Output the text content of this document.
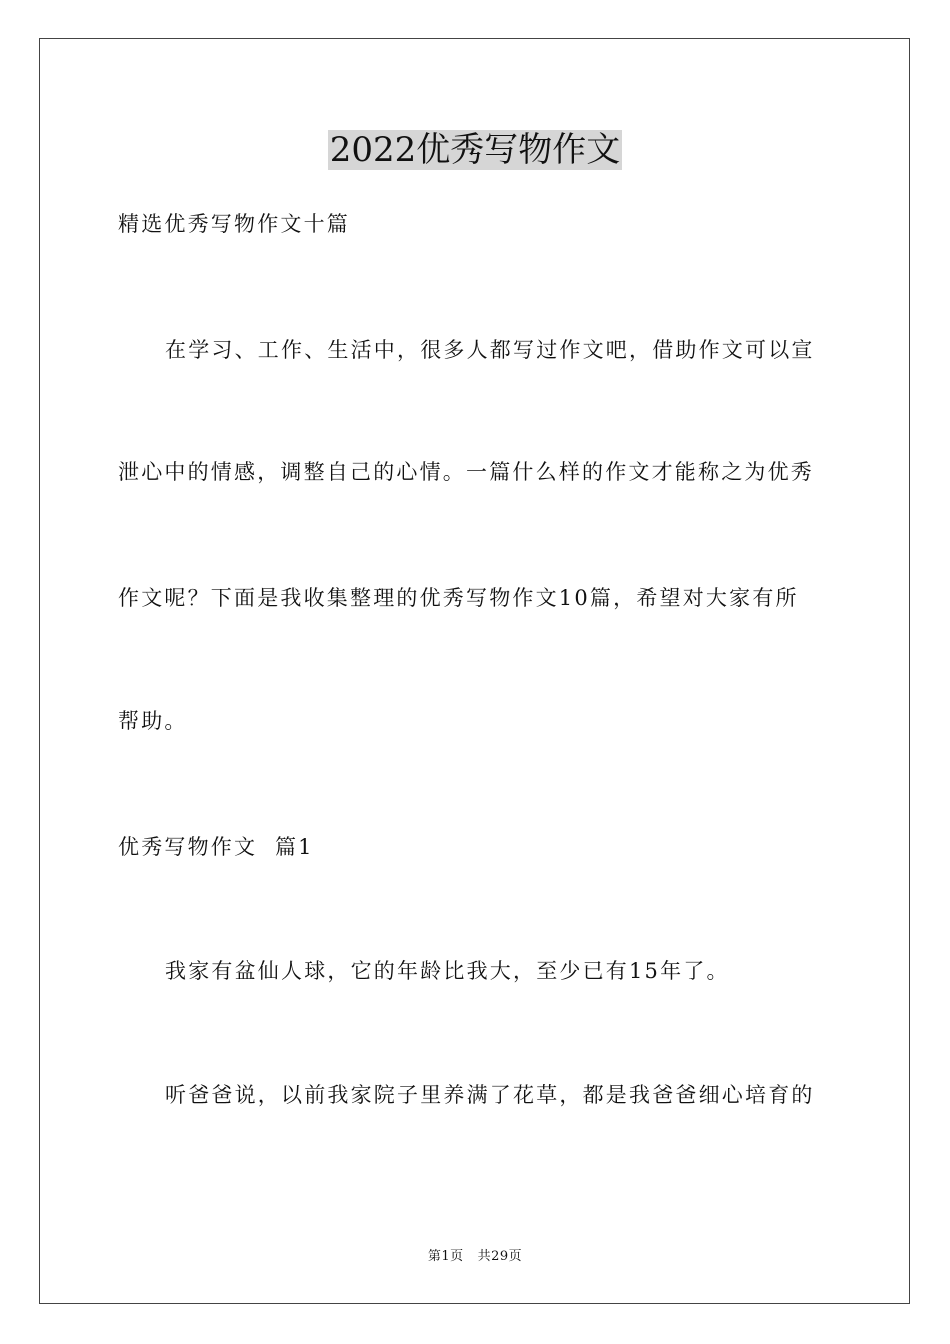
2022优秀写物作文
精选优秀写物作文十篇
在学习、工作、生活中，很多人都写过作文吧，借助作文可以宣
泄心中的情感，调整自己的心情。一篇什么样的作文才能称之为优秀
作文呢？下面是我收集整理的优秀写物作文10篇，希望对大家有所
帮助。
优秀写物作文  篇1
我家有盆仙人球，它的年龄比我大，至少已有15年了。
听爸爸说，以前我家院子里养满了花草，都是我爸爸细心培育的
第1页 共29页
